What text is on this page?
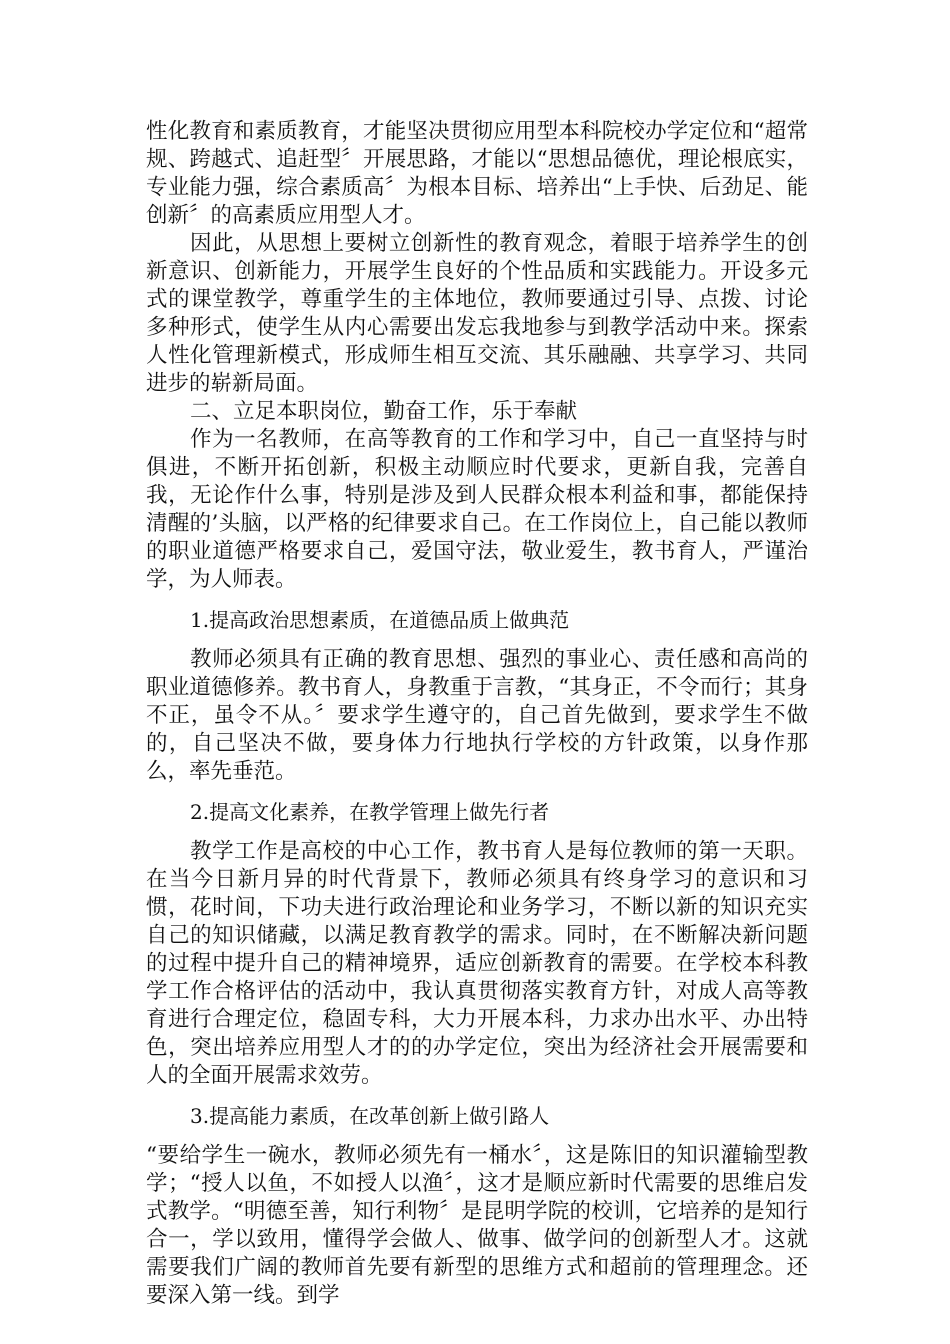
性化教育和素质教育，才能坚决贯彻应用型本科院校办学定位和“超常规、跨越式、追赶型〞开展思路，才能以“思想品德优，理论根底实，专业能力强，综合素质高〞为根本目标、培养出“上手快、后劲足、能创新〞的高素质应用型人才。

因此，从思想上要树立创新性的教育观念，着眼于培养学生的创新意识、创新能力，开展学生良好的个性品质和实践能力。开设多元式的课堂教学，尊重学生的主体地位，教师要通过引导、点拨、讨论多种形式，使学生从内心需要出发忘我地参与到教学活动中来。探索人性化管理新模式，形成师生相互交流、其乐融融、共享学习、共同进步的崭新局面。

二、立足本职岗位，勤奋工作，乐于奉献

作为一名教师，在高等教育的工作和学习中，自己一直坚持与时俱进，不断开拓创新，积极主动顺应时代要求，更新自我，完善自我，无论作什么事，特别是涉及到人民群众根本利益和事，都能保持清醒的’头脑，以严格的纪律要求自己。在工作岗位上，自己能以教师的职业道德严格要求自己，爱国守法，敬业爱生，教书育人，严谨治学，为人师表。

1.提高政治思想素质，在道德品质上做典范

教师必须具有正确的教育思想、强烈的事业心、责任感和高尚的职业道德修养。教书育人，身教重于言教，“其身正，不令而行；其身不正，虽令不从。〞要求学生遵守的，自己首先做到，要求学生不做的，自己坚决不做，要身体力行地执行学校的方针政策，以身作那么，率先垂范。

2.提高文化素养，在教学管理上做先行者

教学工作是高校的中心工作，教书育人是每位教师的第一天职。在当今日新月异的时代背景下，教师必须具有终身学习的意识和习惯，花时间，下功夫进行政治理论和业务学习，不断以新的知识充实自己的知识储藏，以满足教育教学的需求。同时，在不断解决新问题的过程中提升自己的精神境界，适应创新教育的需要。在学校本科教学工作合格评估的活动中，我认真贯彻落实教育方针，对成人高等教育进行合理定位，稳固专科，大力开展本科，力求办出水平、办出特色，突出培养应用型人才的的办学定位，突出为经济社会开展需要和人的全面开展需求效劳。

3.提高能力素质，在改革创新上做引路人

“要给学生一碗水，教师必须先有一桶水〞，这是陈旧的知识灌输型教学；“授人以鱼，不如授人以渔〞，这才是顺应新时代需要的思维启发式教学。“明德至善，知行利物〞是昆明学院的校训，它培养的是知行合一，学以致用，懂得学会做人、做事、做学问的创新型人才。这就需要我们广阔的教师首先要有新型的思维方式和超前的管理理念。还要深入第一线。到学
